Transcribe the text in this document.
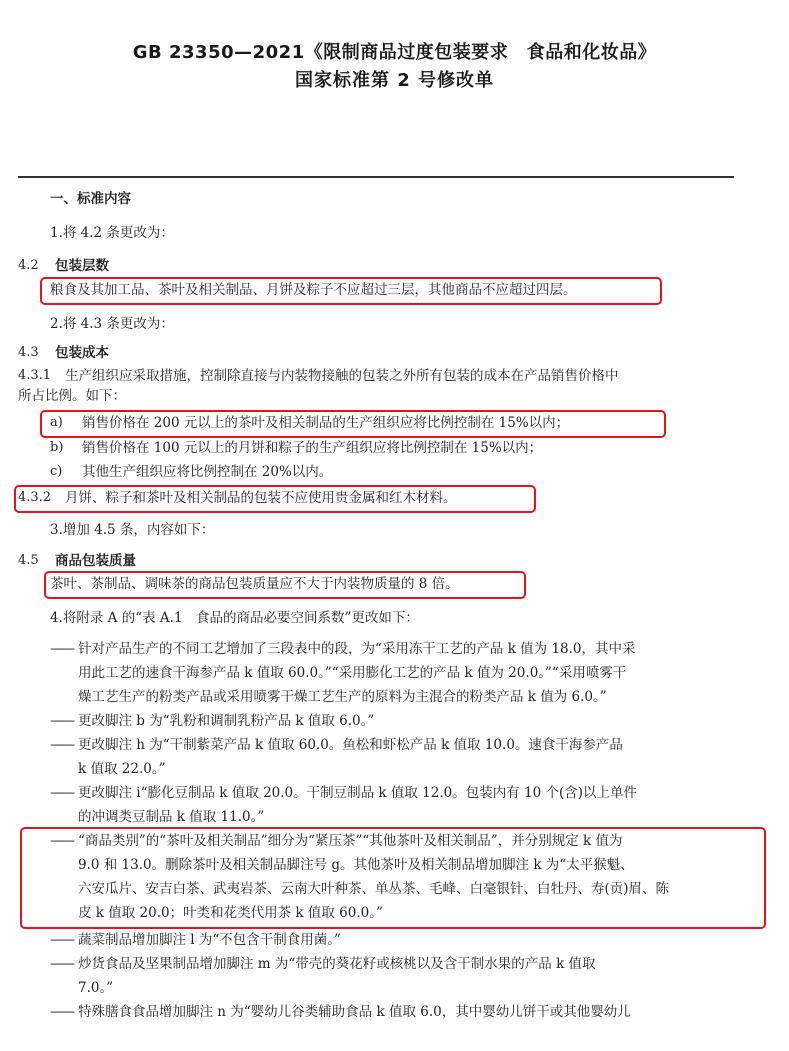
GB 23350—2021《限制商品过度包装要求　食品和化妆品》
国家标准第 2 号修改单
一、标准内容
1.将 4.2 条更改为：
4.2 包装层数
粮食及其加工品、茶叶及相关制品、月饼及粽子不应超过三层，其他商品不应超过四层。
2.将 4.3 条更改为：
4.3 包装成本
4.3.1 生产组织应采取措施，控制除直接与内装物接触的包装之外所有包装的成本在产品销售价格中
所占比例。如下：
a) 销售价格在 200 元以上的茶叶及相关制品的生产组织应将比例控制在 15%以内；
b) 销售价格在 100 元以上的月饼和粽子的生产组织应将比例控制在 15%以内；
c) 其他生产组织应将比例控制在 20%以内。
4.3.2 月饼、粽子和茶叶及相关制品的包装不应使用贵金属和红木材料。
3.增加 4.5 条，内容如下：
4.5 商品包装质量
茶叶、茶制品、调味茶的商品包装质量应不大于内装物质量的 8 倍。
4.将附录 A 的“表 A.1　食品的商品必要空间系数”更改如下：
—— 针对产品生产的不同工艺增加了三段表中的段，为“采用冻干工艺的产品 k 值为 18.0，其中采
用此工艺的速食干海参产品 k 值取 60.0。”“采用膨化工艺的产品 k 值为 20.0。”“采用喷雾干
燥工艺生产的粉类产品或采用喷雾干燥工艺生产的原料为主混合的粉类产品 k 值为 6.0。”
—— 更改脚注 b 为“乳粉和调制乳粉产品 k 值取 6.0。”
—— 更改脚注 h 为“干制紫菜产品 k 值取 60.0。鱼松和虾松产品 k 值取 10.0。速食干海参产品
k 值取 22.0。”
—— 更改脚注 i“膨化豆制品 k 值取 20.0。干制豆制品 k 值取 12.0。包装内有 10 个(含)以上单件
的冲调类豆制品 k 值取 11.0。”
—— “商品类别”的“茶叶及相关制品”细分为“紧压茶”“其他茶叶及相关制品”，并分别规定 k 值为
9.0 和 13.0。删除茶叶及相关制品脚注号 g。其他茶叶及相关制品增加脚注 k 为“太平猴魁、
六安瓜片、安吉白茶、武夷岩茶、云南大叶种茶、单丛茶、毛峰、白毫银针、白牡丹、寿(贡)眉、陈
皮 k 值取 20.0；叶类和花类代用茶 k 值取 60.0。”
—— 蔬菜制品增加脚注 l 为“不包含干制食用菌。”
—— 炒货食品及坚果制品增加脚注 m 为“带壳的葵花籽或核桃以及含干制水果的产品 k 值取
7.0。”
—— 特殊膳食食品增加脚注 n 为“婴幼儿谷类辅助食品 k 值取 6.0，其中婴幼儿饼干或其他婴幼儿
